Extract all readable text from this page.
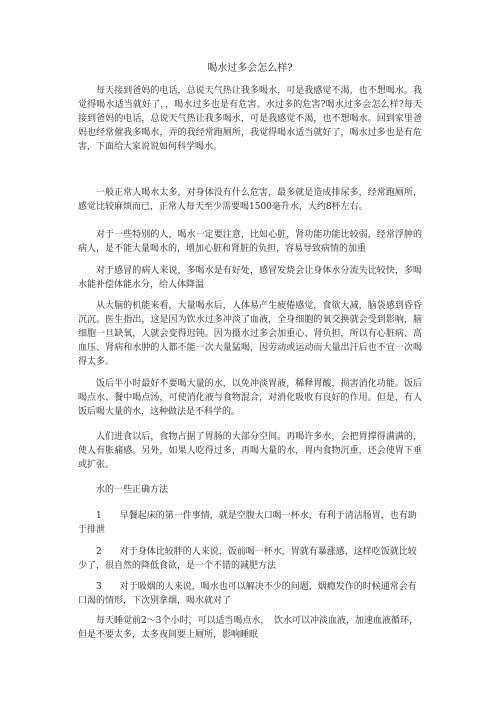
喝水过多会怎么样?

每天接到爸妈的电话，总说天气热让我多喝水，可是我感觉不渴，也不想喝水。我觉得喝水适当就好了，，喝水过多也是有危害。水过多的危害?喝水过多会怎么样?每天接到爸妈的电话，总说天气热让我多喝水，可是我感觉不渴，也不想喝水。回到家里爸妈也经常催我多喝水，弄的我经常跑厕所，我觉得喝水适当就好了，喝水过多也是有危害，下面给大家说说如何科学喝水。

一般正常人喝水太多，对身体没有什么危害，最多就是造成排尿多，经常跑厕所，感觉比较麻烦而已，正常人每天至少需要喝1500毫升水，大约8杯左右。

对于一些特别的人，喝水一定要注意，比如心脏，肾功能功能比较弱，经常浮肿的病人，是不能大量喝水的，增加心脏和肾脏的负担，容易导致病情的加重

对于感冒的病人来说，多喝水是有好处，感冒发烧会让身体水分流失比较快，多喝水能补偿体能水分，给人体降温

从大脑的机能来看，大量喝水后，人体易产生疲倦感觉，食欲大减，脑袋感到昏昏沉沉。医生指出，这是因为饮水过多冲淡了血液，全身细胞的氧交换就会受到影响，脑细胞一旦缺氧，人就会变得迟钝。因为摄水过多会加重心、肾负担，所以有心脏病、高血压、肾病和水肿的人都不能一次大量猛喝，因劳动或运动而大量出汗后也不宜一次喝得太多。

饭后半小时最好不要喝大量的水，以免冲淡胃液，稀释胃酸，损害消化功能。饭后喝点水、餐中喝点汤，可使消化液与食物混合，对消化吸收有良好的作用。但是，有人饭后喝大量的水，这种做法是不科学的。

人们进食以后，食物占据了胃肠的大部分空间。再喝许多水，会把胃撑得满满的，使人有胀痛感。另外，如果人吃得过多，再喝大量的水，胃内食物沉重，还会使胃下垂或扩张。

水的一些正确方法

1　　早餐起床的第一件事情，就是空腹大口喝一杯水，有利于清洁肠胃，也有助于排泄

2　　对于身体比较胖的人来说，饭前喝一杯水，胃就有暴涨感，这样吃饭就比较少了，很自然的降低食欲，是一个不错的减肥方法

3　　对于吸烟的人来说，喝水也可以解决不少的问题，烟瘾发作的时候通常会有口渴的情形，下次别拿烟，喝水就对了

每天睡觉前2～3个小时，可以适当喝点水，　饮水可以冲淡血液，加速血液循环，但是不要太多，太多夜间要上厕所，影响睡眠
